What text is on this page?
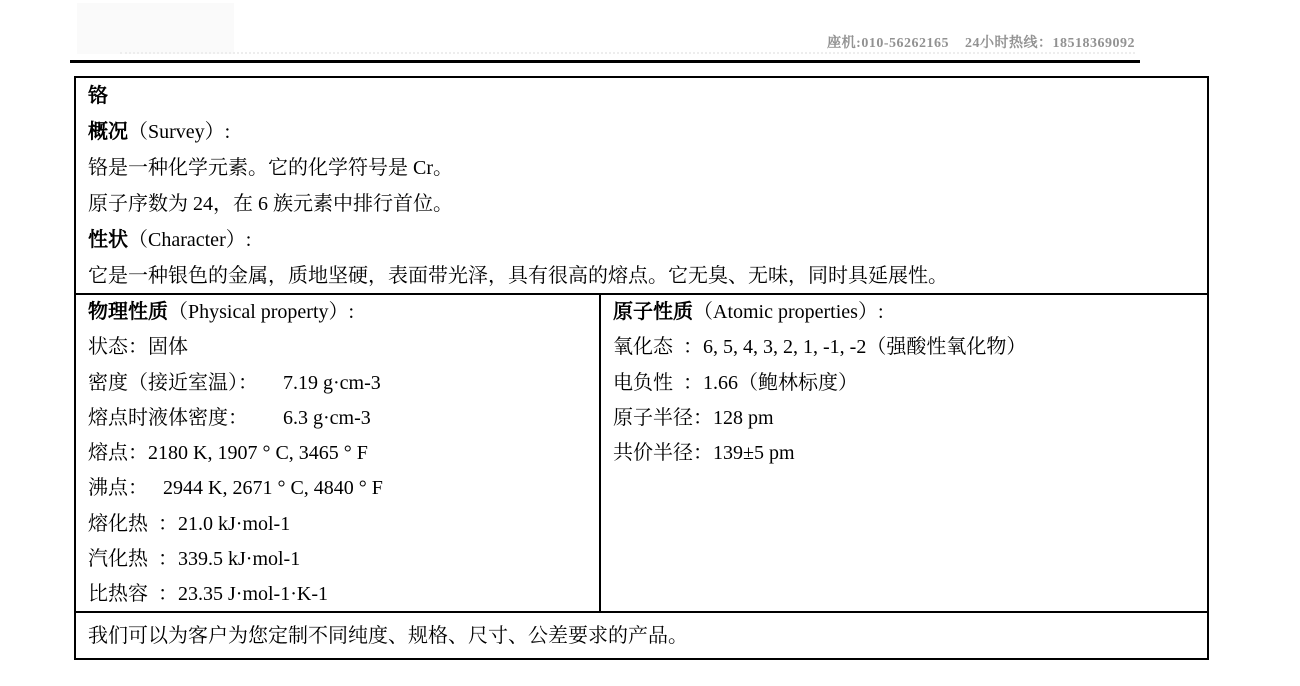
座机:010-56262165    24小时热线：18518369092
铬
概况（Survey）:
铬是一种化学元素。它的化学符号是 Cr。
原子序数为 24，在 6 族元素中排行首位。
性状（Character）:
它是一种银色的金属，质地坚硬，表面带光泽，具有很高的熔点。它无臭、无味，同时具延展性。
物理性质（Physical property）:
状态：固体
密度（接近室温）：     7.19 g·cm-3
熔点时液体密度：       6.3 g·cm-3
熔点：2180 K, 1907 ° C, 3465 ° F
沸点：   2944 K, 2671 ° C, 4840 ° F
熔化热  ：21.0 kJ·mol-1
汽化热  ：339.5 kJ·mol-1
比热容  ：23.35 J·mol-1·K-1
原子性质（Atomic properties）:
氧化态  ：6, 5, 4, 3, 2, 1, -1, -2（强酸性氧化物）
电负性  ：1.66（鲍林标度）
原子半径：128 pm
共价半径：139±5 pm
我们可以为客户为您定制不同纯度、规格、尺寸、公差要求的产品。
